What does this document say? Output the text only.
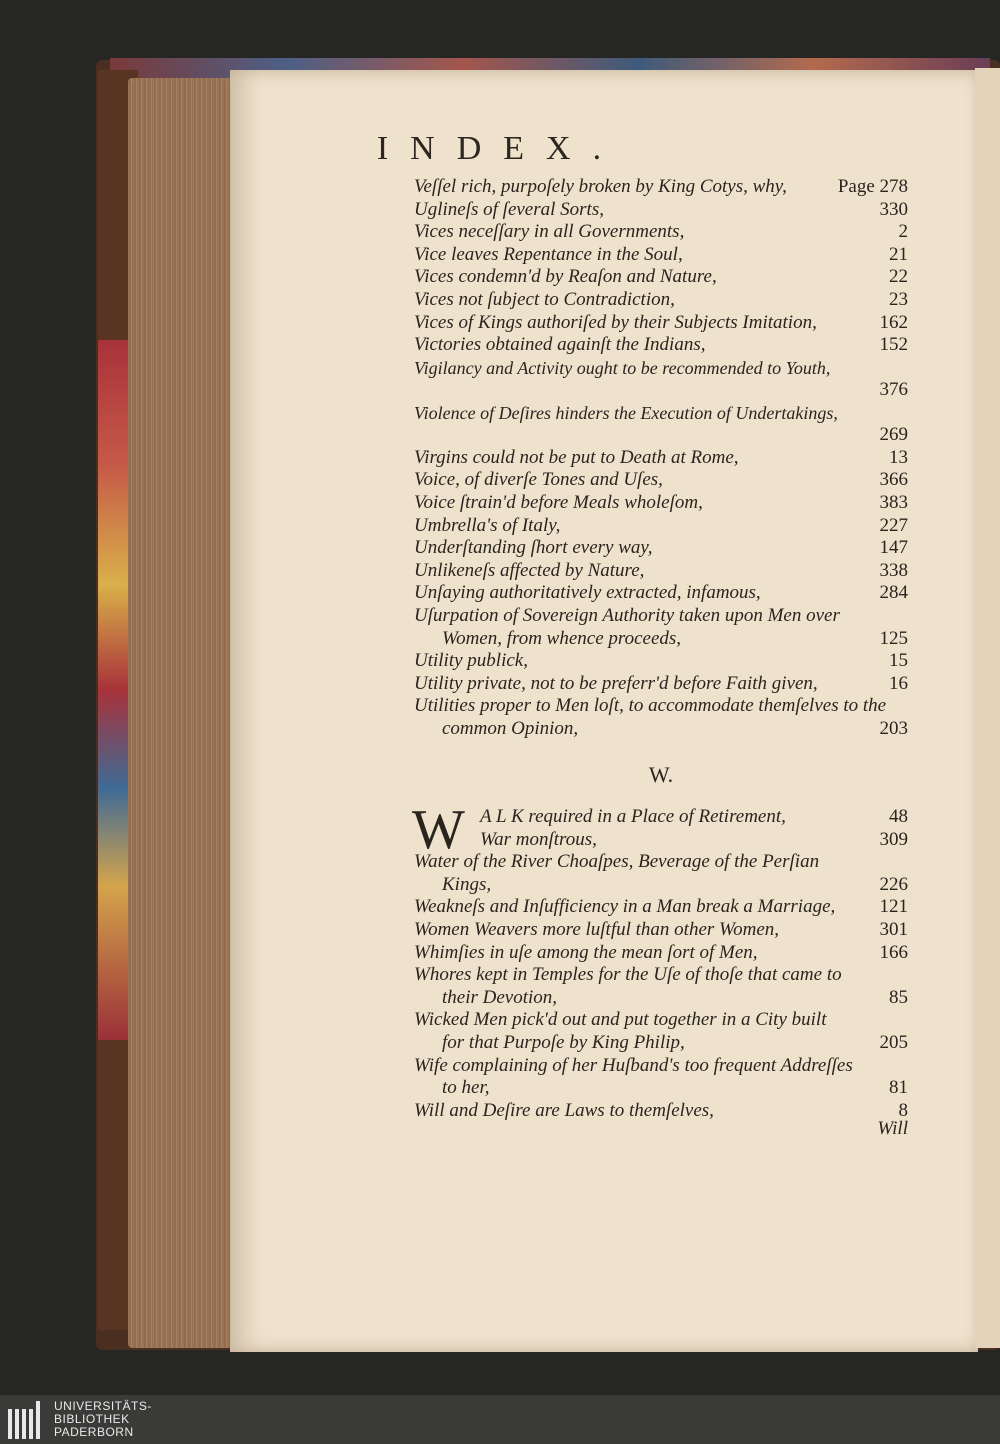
INDEX.
Veſſel rich, purpoſely broken by King Cotys, why,	Page 278
Uglineſs of ſeveral Sorts,	330
Vices neceſſary in all Governments,	2
Vice leaves Repentance in the Soul,	21
Vices condemn'd by Reaſon and Nature,	22
Vices not ſubject to Contradiction,	23
Vices of Kings authoriſed by their Subjects Imitation,	162
Victories obtained againſt the Indians,	152
Vigilancy and Activity ought to be recommended to Youth,
376
Violence of Deſires hinders the Execution of Undertakings,
269
Virgins could not be put to Death at Rome,	13
Voice, of diverſe Tones and Uſes,	366
Voice ſtrain'd before Meals wholeſom,	383
Umbrella's of Italy,	227
Underſtanding ſhort every way,	147
Unlikeneſs affected by Nature,	338
Unſaying authoritatively extracted, infamous,	284
Uſurpation of Sovereign Authority taken upon Men over
Women, from whence proceeds,	125
Utility publick,	15
Utility private, not to be preferr'd before Faith given,	16
Utilities proper to Men loſt, to accommodate themſelves to the
common Opinion,	203
W.
W A L K required in a Place of Retirement,	48
War monſtrous,	309
Water of the River Choaſpes, Beverage of the Perſian
Kings,	226
Weakneſs and Inſufficiency in a Man break a Marriage, 121
Women Weavers more luſtful than other Women,	301
Whimſies in uſe among the mean ſort of Men,	166
Whores kept in Temples for the Uſe of thoſe that came to
their Devotion,	85
Wicked Men pick'd out and put together in a City built
for that Purpoſe by King Philip,	205
Wife complaining of her Huſband's too frequent Addreſſes
to her,	81
Will and Deſire are Laws to themſelves,	8
Will
UNIVERSITÄTS-
BIBLIOTHEK
PADERBORN
